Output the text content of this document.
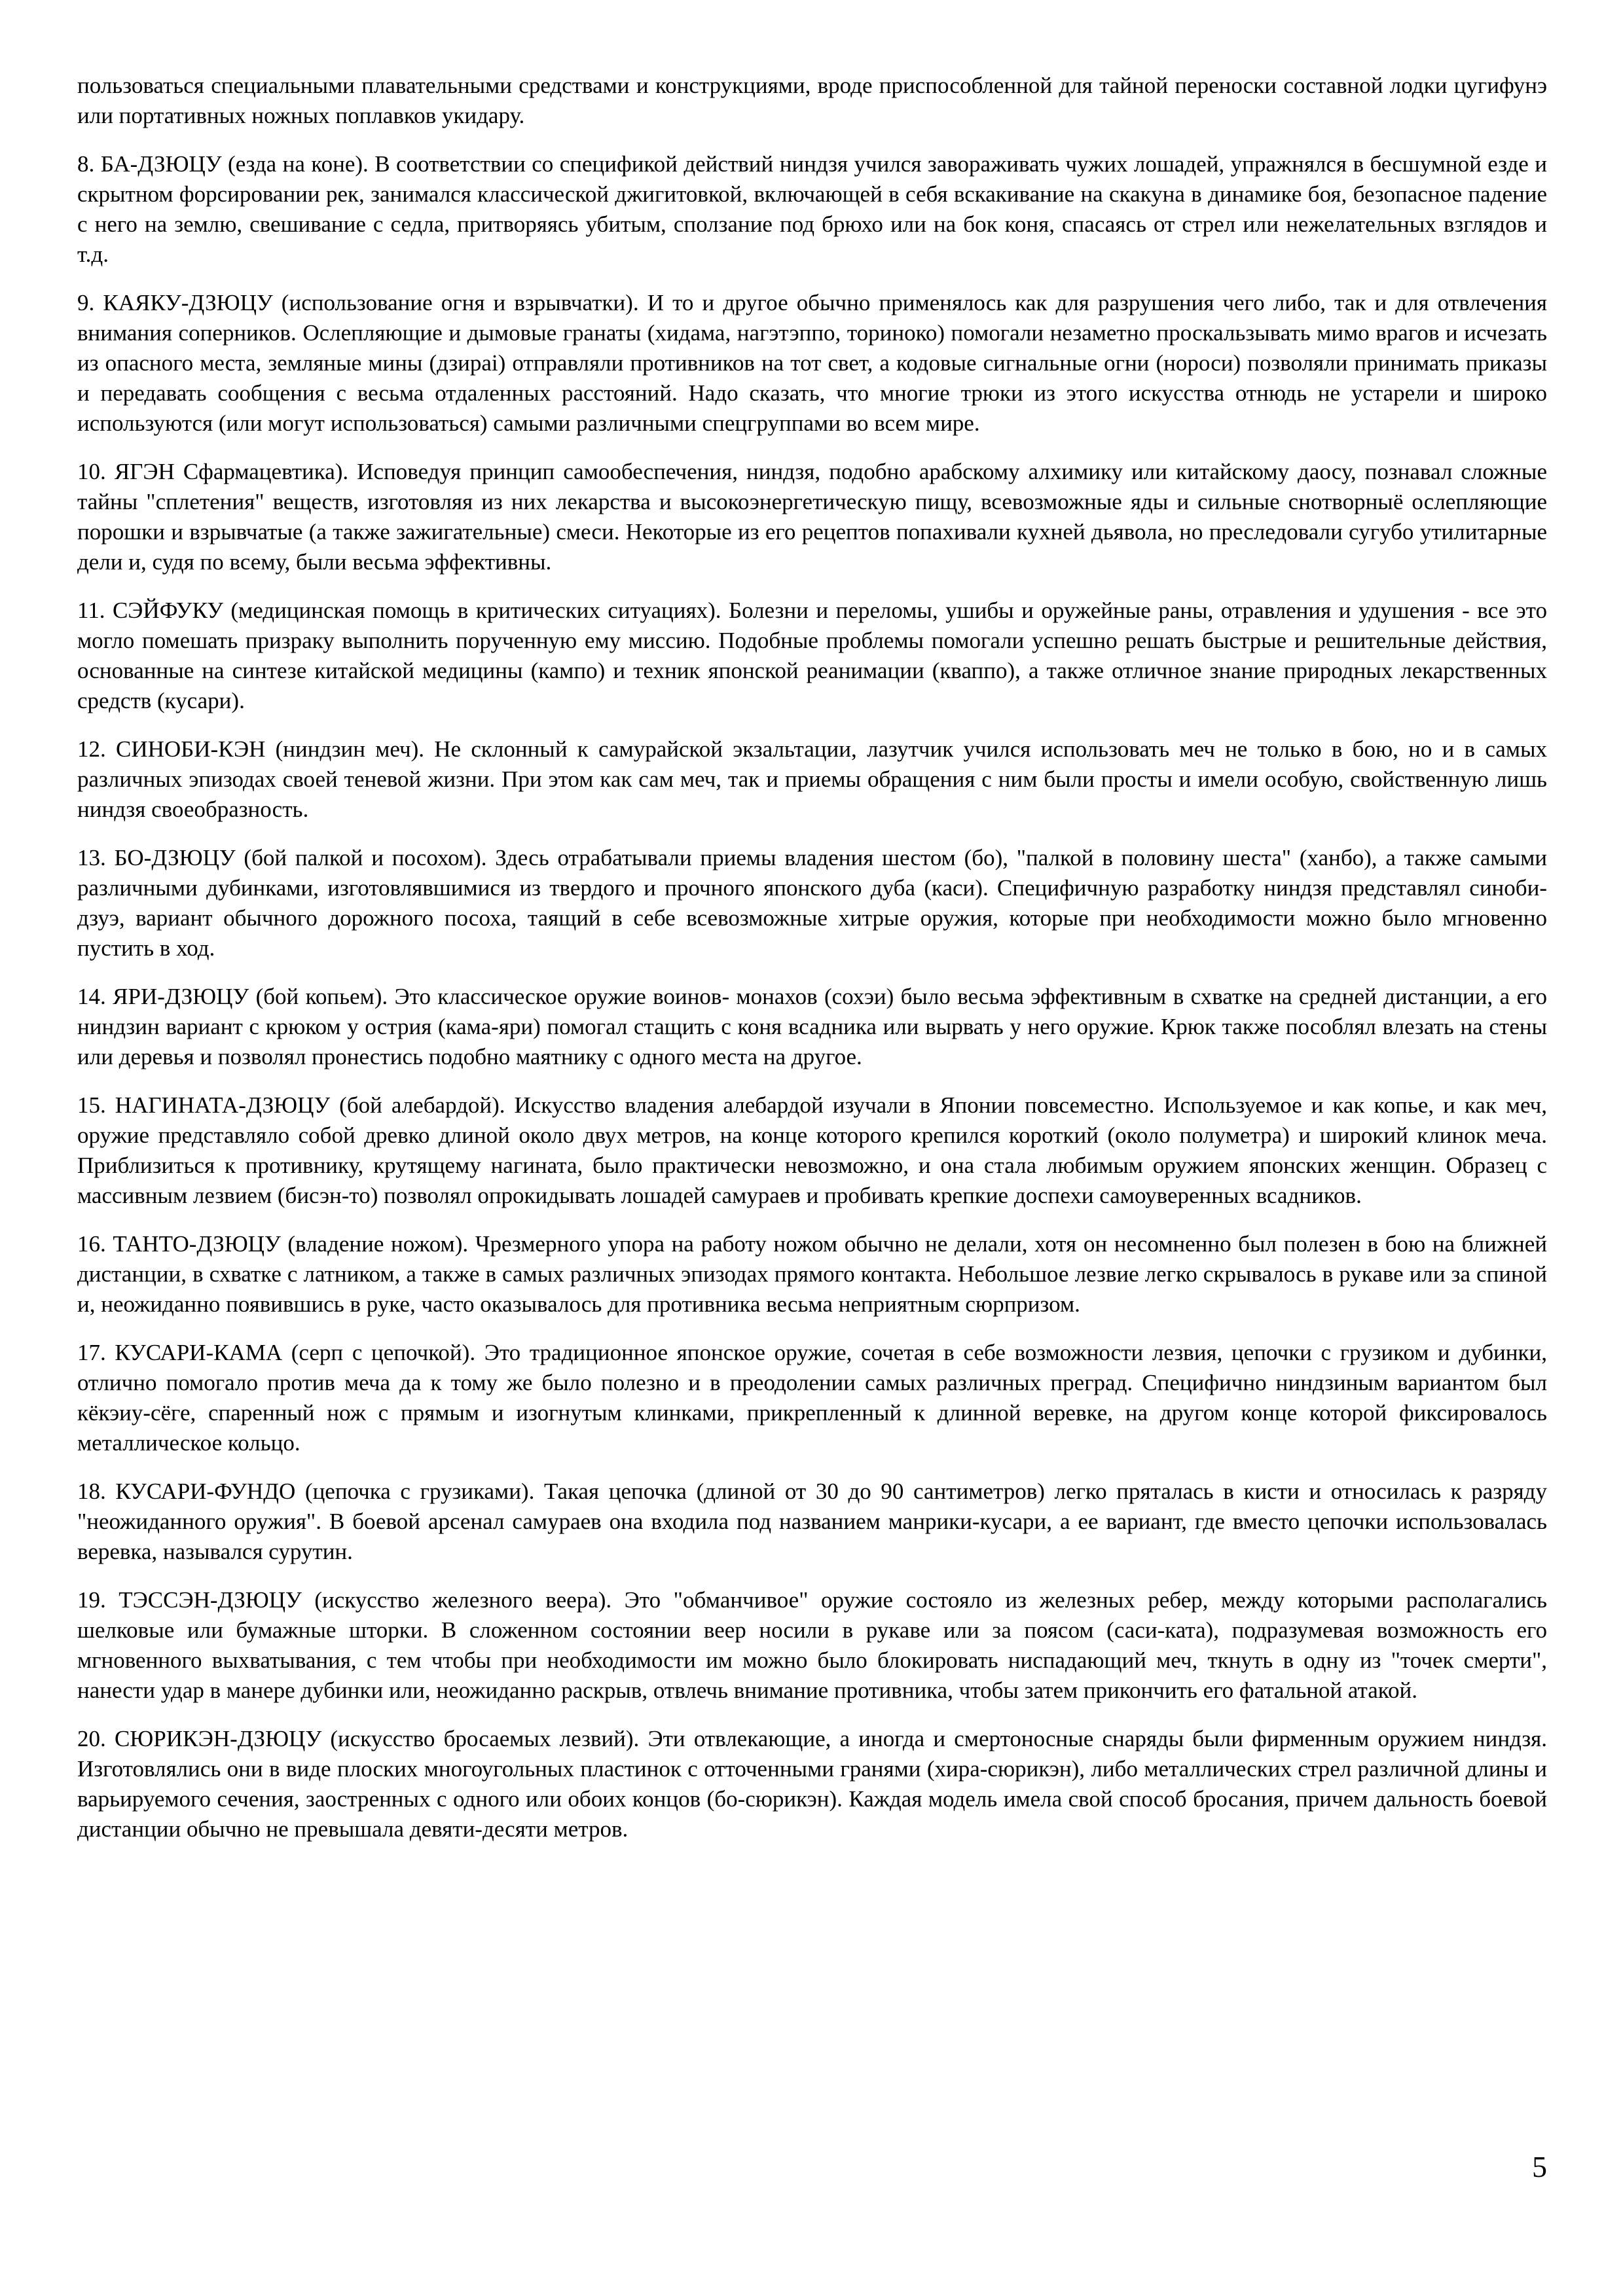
пользоваться специальными плавательными средствами и конструкциями, вроде приспособленной для тайной переноски составной лодки цугифунэ или портативных ножных поплавков укидару.

8. БА-ДЗЮЦУ (езда на коне). В соответствии со спецификой действий ниндзя учился завораживать чужих лошадей, упражнялся в бесшумной езде и скрытном форсировании рек, занимался классической джигитовкой, включающей в себя вскакивание на скакуна в динамике боя, безопасное падение с него на землю, свешивание с седла, притворяясь убитым, сползание под брюхо или на бок коня, спасаясь от стрел или нежелательных взглядов и т.д.

9. КАЯКУ-ДЗЮЦУ (использование огня и взрывчатки). И то и другое обычно применялось как для разрушения чего либо, так и для отвлечения внимания соперников. Ослепляющие и дымовые гранаты (хидама, нагэтэппо, ториноко) помогали незаметно проскальзывать мимо врагов и исчезать из опасного места, земляные мины (дзирai) отправляли противников на тот свет, а кодовые сигнальные огни (нороси) позволяли принимать приказы и передавать сообщения с весьма отдаленных расстояний. Надо сказать, что многие трюки из этого искусства отнюдь не устарели и широко используются (или могут использоваться) самыми различными спецгруппами во всем мире.

10. ЯГЭН Сфармацевтика). Исповедуя принцип самообеспечения, ниндзя, подобно арабскому алхимику или китайскому даосу, познавал сложные тайны "сплетения" веществ, изготовляя из них лекарства и высокоэнергетическую пищу, всевозможные яды и сильные снотворныё ослепляющие порошки и взрывчатые (а также зажигательные) смеси. Некоторые из его рецептов попахивали кухней дьявола, но преследовали сугубо утилитарные дели и, судя по всему, были весьма эффективны.

11. СЭЙФУКУ (медицинская помощь в критических ситуациях). Болезни и переломы, ушибы и оружейные раны, отравления и удушения - все это могло помешать призраку выполнить порученную ему миссию. Подобные проблемы помогали успешно решать быстрые и решительные действия, основанные на синтезе китайской медицины (кампо) и техник японской реанимации (кваппо), а также отличное знание природных лекарственных средств (кусари).

12. СИНОБИ-КЭН (ниндзин меч). Не склонный к самурайской экзальтации, лазутчик учился использовать меч не только в бою, но и в самых различных эпизодах своей теневой жизни. При этом как сам меч, так и приемы обращения с ним были просты и имели особую, свойственную лишь ниндзя своеобразность.

13. БО-ДЗЮЦУ (бой палкой и посохом). Здесь отрабатывали приемы владения шестом (бо), "палкой в половину шеста" (ханбо), а также самыми различными дубинками, изготовлявшимися из твердого и прочного японского дуба (каси). Специфичную разработку ниндзя представлял синоби-дзуэ, вариант обычного дорожного посоха, таящий в себе всевозможные хитрые оружия, которые при необходимости можно было мгновенно пустить в ход.

14. ЯРИ-ДЗЮЦУ (бой копьем). Это классическое оружие воинов- монахов (сохэи) было весьма эффективным в схватке на средней дистанции, а его ниндзин вариант с крюком у острия (кама-яри) помогал стащить с коня всадника или вырвать у него оружие. Крюк также пособлял влезать на стены или деревья и позволял пронестись подобно маятнику с одного места на другое.

15. НАГИНАТА-ДЗЮЦУ (бой алебардой). Искусство владения алебардой изучали в Японии повсеместно. Используемое и как копье, и как меч, оружие представляло собой древко длиной около двух метров, на конце которого крепился короткий (около полуметра) и широкий клинок меча. Приблизиться к противнику, крутящему нагината, было практически невозможно, и она стала любимым оружием японских женщин. Образец с массивным лезвием (бисэн-то) позволял опрокидывать лошадей самураев и пробивать крепкие доспехи самоуверенных всадников.

16. ТАНТО-ДЗЮЦУ (владение ножом). Чрезмерного упора на работу ножом обычно не делали, хотя он несомненно был полезен в бою на ближней дистанции, в схватке с латником, а также в самых различных эпизодах прямого контакта. Небольшое лезвие легко скрывалось в рукаве или за спиной и, неожиданно появившись в руке, часто оказывалось для противника весьма неприятным сюрпризом.

17. КУСАРИ-КАМА (серп с цепочкой). Это традиционное японское оружие, сочетая в себе возможности лезвия, цепочки с грузиком и дубинки, отлично помогало против меча да к тому же было полезно и в преодолении самых различных преград. Специфично ниндзиным вариантом был кёкэиу-сёге, спаренный нож с прямым и изогнутым клинками, прикрепленный к длинной веревке, на другом конце которой фиксировалось металлическое кольцо.

18. КУСАРИ-ФУНДО (цепочка с грузиками). Такая цепочка (длиной от 30 до 90 сантиметров) легко пряталась в кисти и относилась к разряду "неожиданного оружия". В боевой арсенал самураев она входила под названием манрики-кусари, а ее вариант, где вместо цепочки использовалась веревка, назывался сурутин.

19. ТЭССЭН-ДЗЮЦУ (искусство железного веера). Это "обманчивое" оружие состояло из железных ребер, между которыми располагались шелковые или бумажные шторки. В сложенном состоянии веер носили в рукаве или за поясом (саси-ката), подразумевая возможность его мгновенного выхватывания, с тем чтобы при необходимости им можно было блокировать ниспадающий меч, ткнуть в одну из "точек смерти", нанести удар в манере дубинки или, неожиданно раскрыв, отвлечь внимание противника, чтобы затем прикончить его фатальной атакой.

20. СЮРИКЭН-ДЗЮЦУ (искусство бросаемых лезвий). Эти отвлекающие, а иногда и смертоносные снаряды были фирменным оружием ниндзя. Изготовлялись они в виде плоских многоугольных пластинок с отточенными гранями (хира-сюрикэн), либо металлических стрел различной длины и варьируемого сечения, заостренных с одного или обоих концов (бо-сюрикэн). Каждая модель имела свой способ бросания, причем дальность боевой дистанции обычно не превышала девяти-десяти метров.

5
